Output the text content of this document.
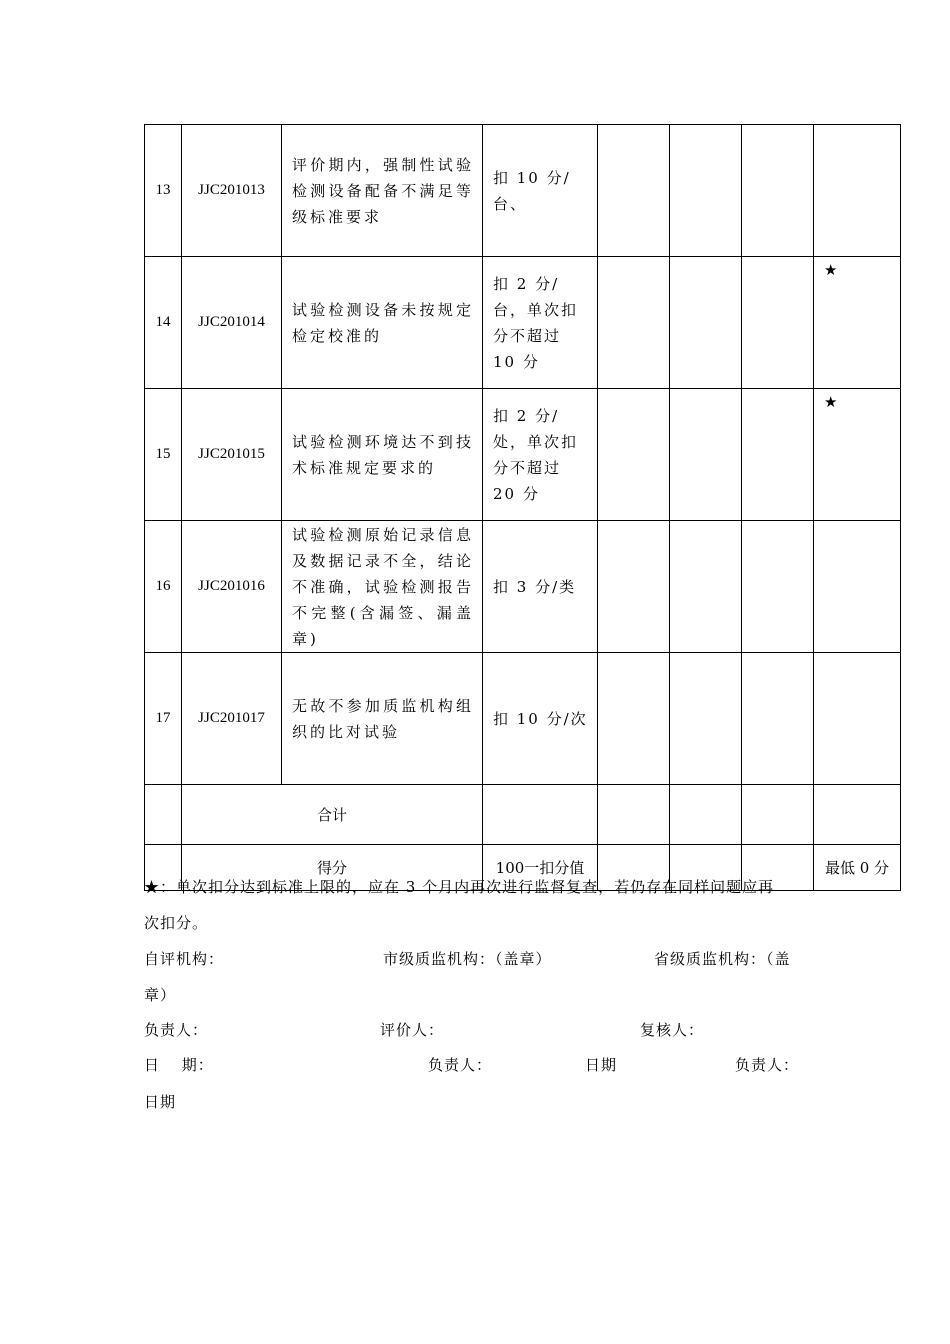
13	JJC201013	评价期内，强制性试验检测设备配备不满足等级标准要求	扣 10 分/台、				
14	JJC201014	试验检测设备未按规定检定校准的	扣 2 分/台，单次扣分不超过 10 分				★
15	JJC201015	试验检测环境达不到技术标准规定要求的	扣 2 分/处，单次扣分不超过 20 分				★
16	JJC201016	试验检测原始记录信息及数据记录不全，结论不准确，试验检测报告不完整(含漏签、漏盖章)	扣 3 分/类				
17	JJC201017	无故不参加质监机构组织的比对试验	扣 10 分/次				
	合计						
	得分		100一扣分值				最低 0 分
★：单次扣分达到标准上限的，应在 3 个月内再次进行监督复查，若仍存在同样问题应再
次扣分。
自评机构：	市级质监机构：（盖章）	省级质监机构：（盖
章）
负责人：	评价人：	复核人：
日　 期：	负责人：	日期	负责人：
日期
